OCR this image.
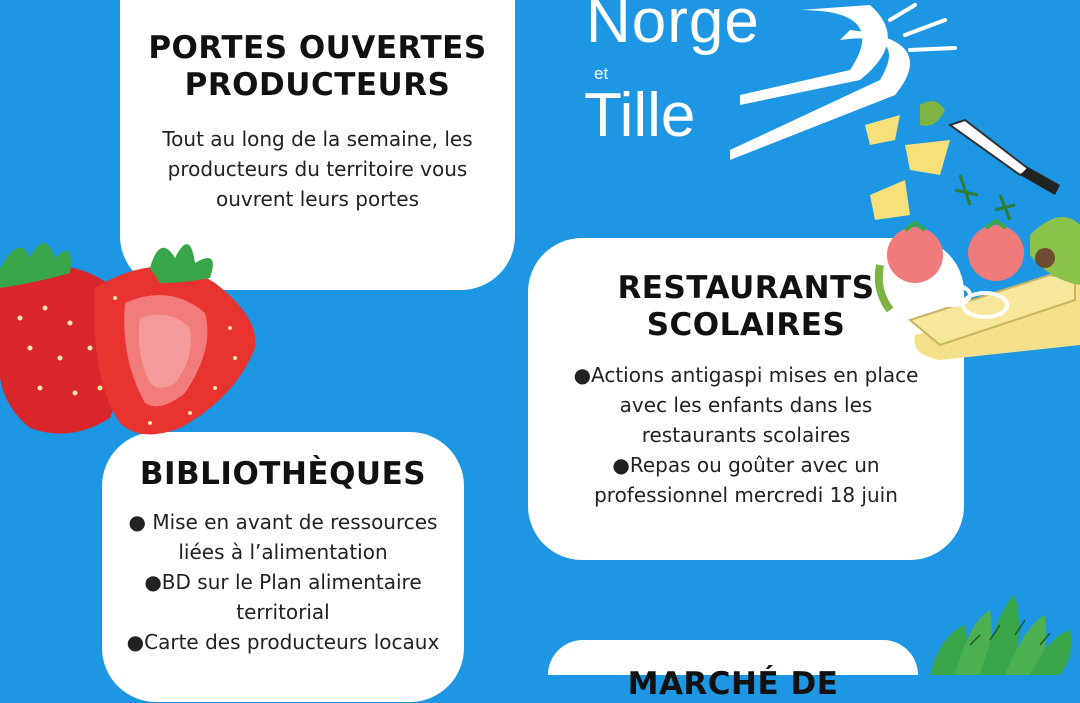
Norge
et
Tille
PORTES OUVERTES
PRODUCTEURS
Tout au long de la semaine, les
producteurs du territoire vous
ouvrent leurs portes
RESTAURANTS
SCOLAIRES
●Actions antigaspi mises en place
avec les enfants dans les
restaurants scolaires
●Repas ou goûter avec un
professionnel mercredi 18 juin
BIBLIOTHÈQUES
● Mise en avant de ressources
liées à l’alimentation
●BD sur le Plan alimentaire
territorial
●Carte des producteurs locaux
MARCHÉ DE
